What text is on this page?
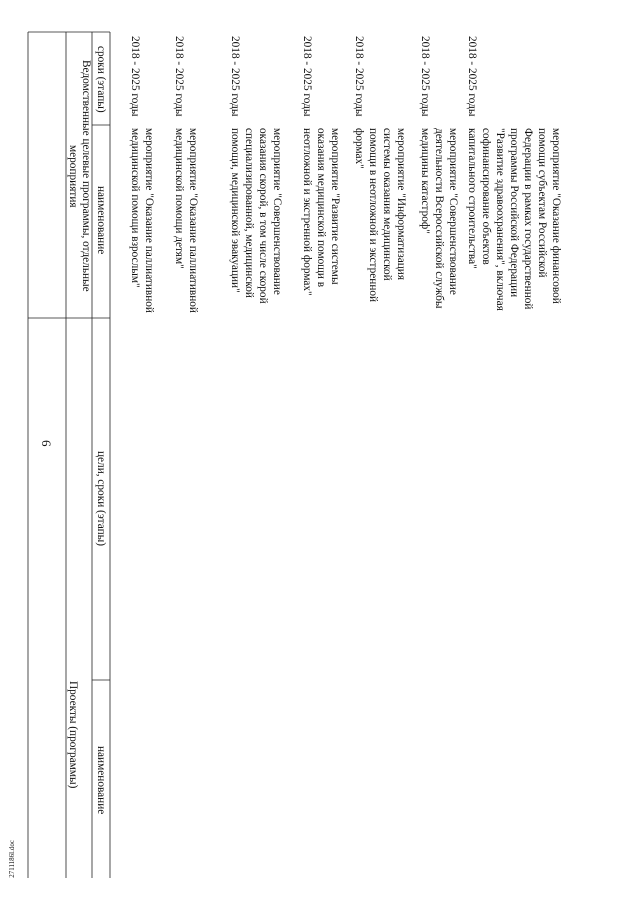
2711186l.doc
Ведомственные целевые программы, отдельные мероприятия
наименование
сроки (этапы)
Проекты (программы)
цели, сроки (этапы)
наименование
6
2018 - 2025 годы
мероприятие "Оказание паллиативной медицинской помощи взрослым"
2018 - 2025 годы
мероприятие "Оказание паллиативной медицинской помощи детям"
2018 - 2025 годы
мероприятие "Совершенствование оказания скорой, в том числе скорой специализированной, медицинской помощи, медицинской эвакуации"
2018 - 2025 годы
мероприятие "Развитие системы оказания медицинской помощи в неотложной и экстренной формах"
2018 - 2025 годы
мероприятие "Информатизация системы оказания медицинской помощи в неотложной и экстренной формах"
2018 - 2025 годы
мероприятие "Совершенствование деятельности Всероссийской службы медицины катастроф"
2018 - 2025 годы
мероприятие "Оказание финансовой помощи субъектам Российской Федерации в рамках государственной программы Российской Федерации "Развитие здравоохранения", включая софинансирование объектов капитального строительства"
